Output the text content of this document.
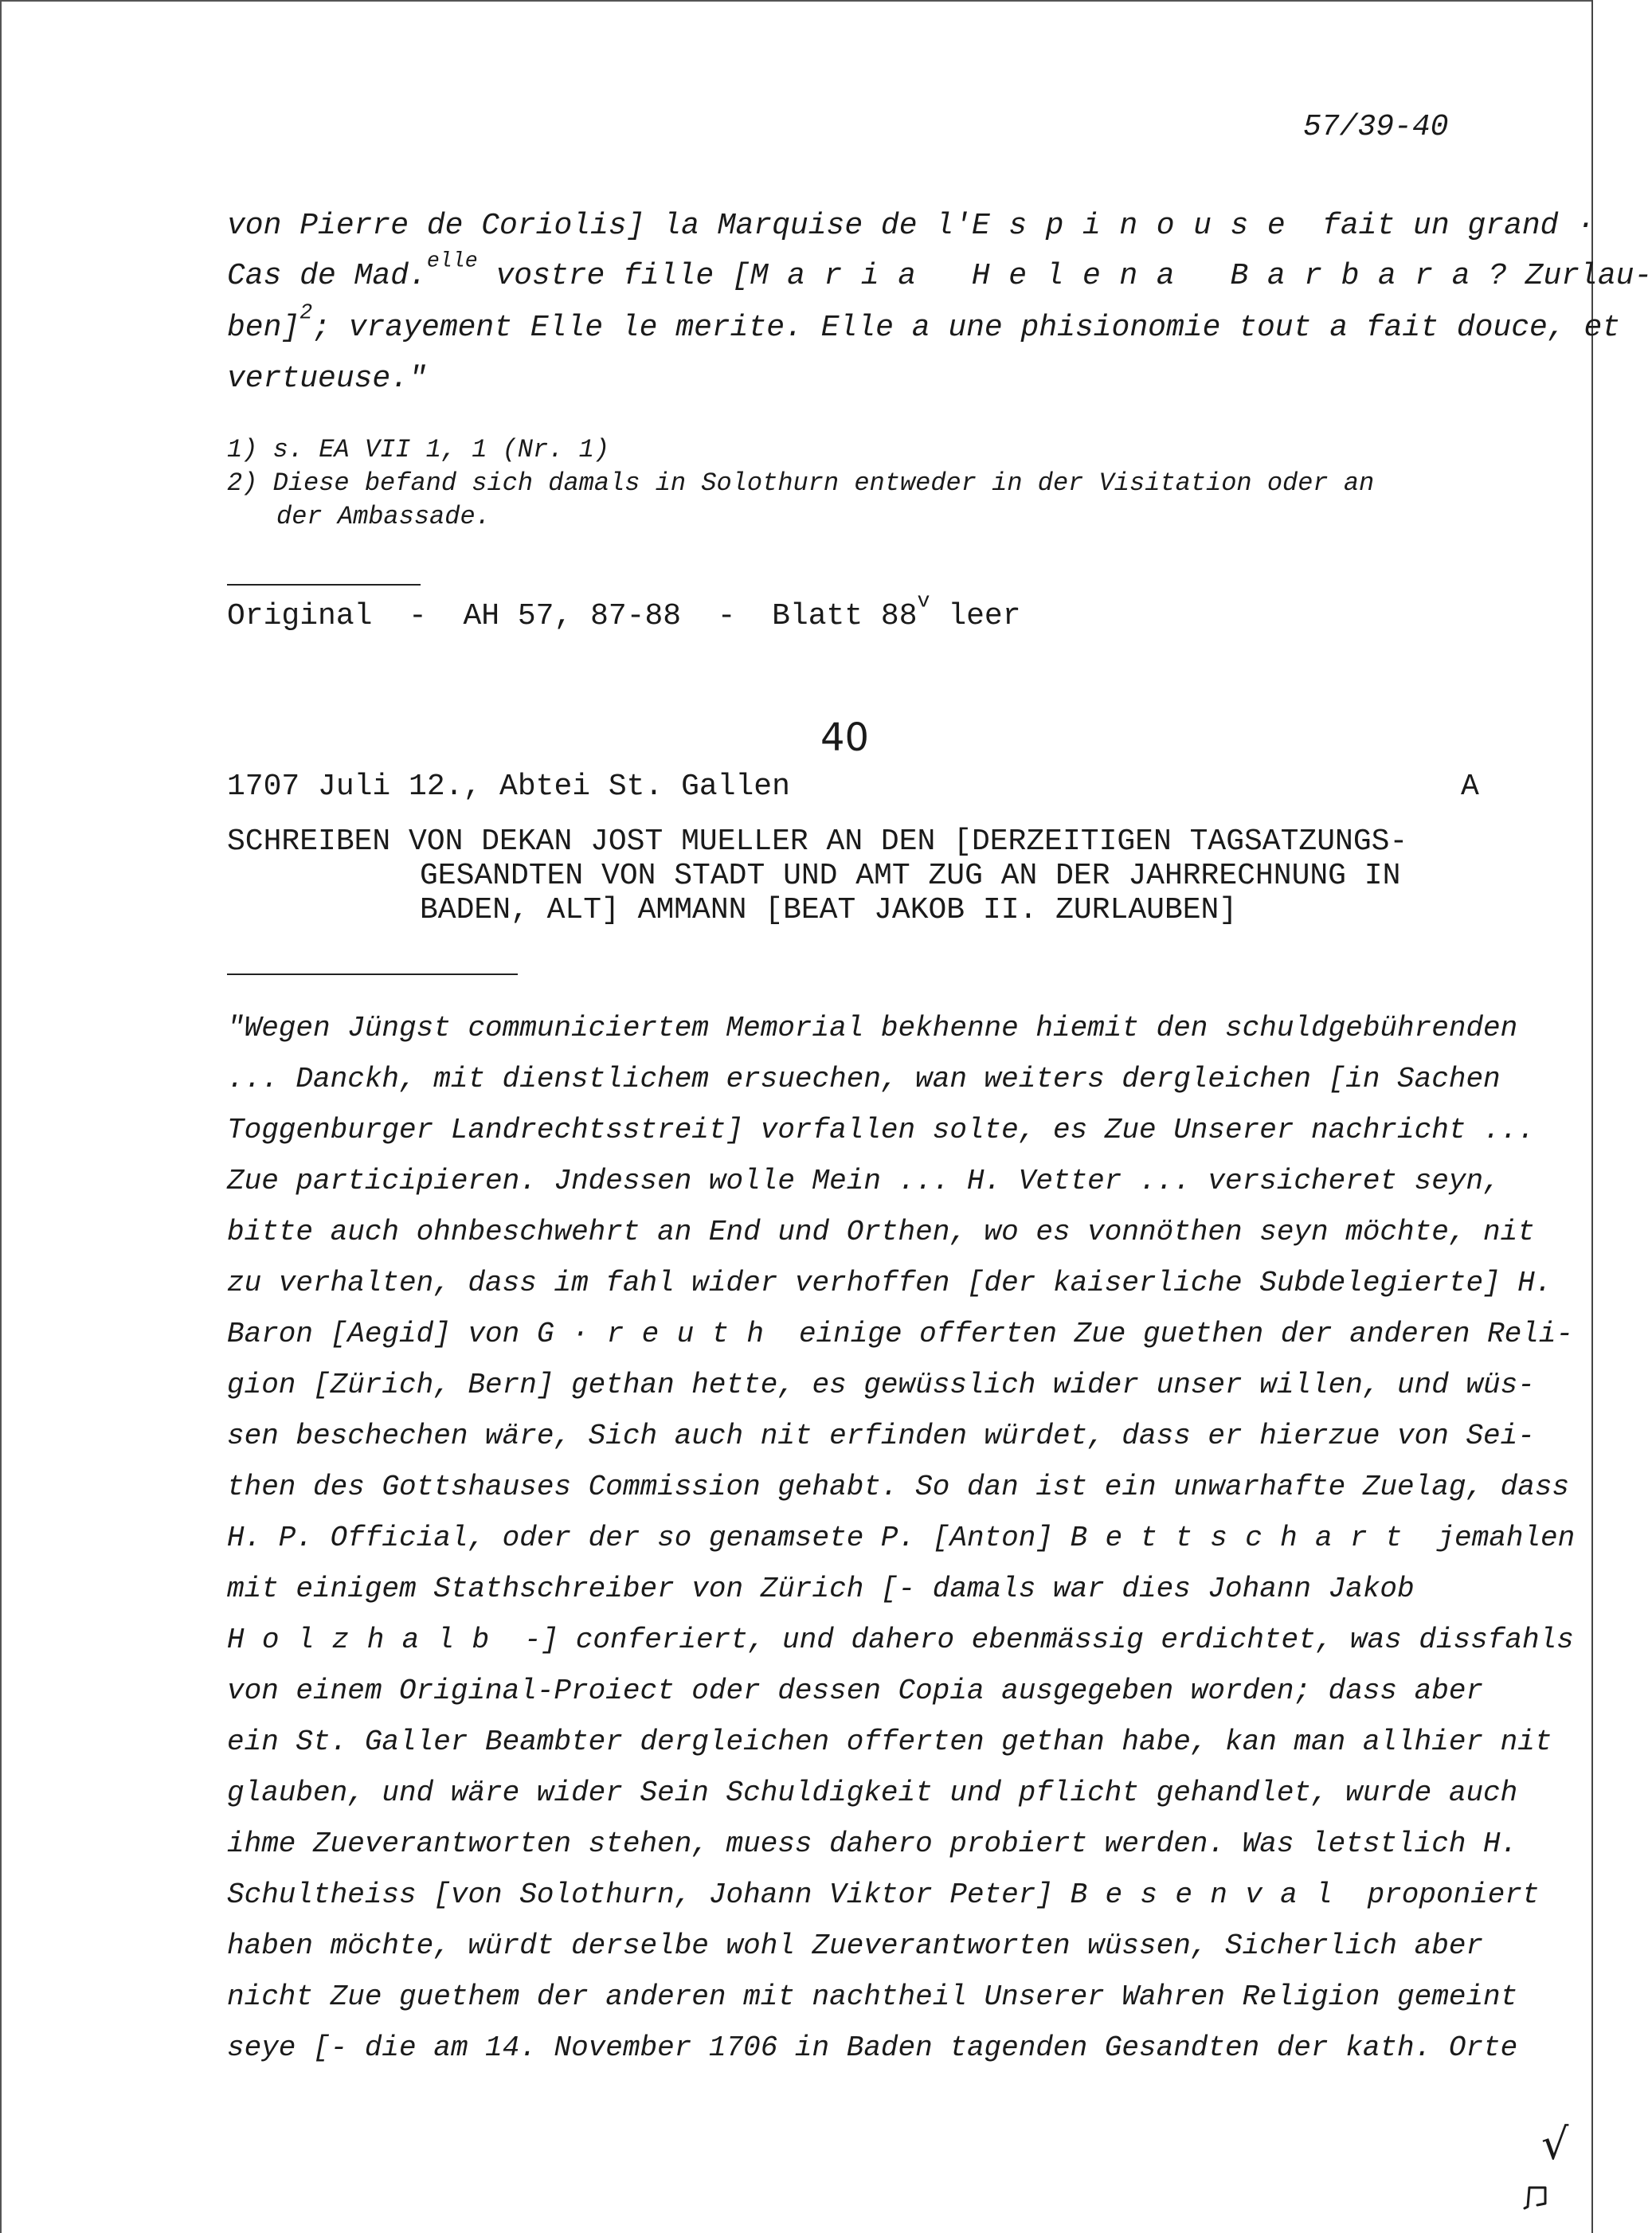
57/39-40
von Pierre de Coriolis] la Marquise de l'Espinouse fait un grand ·
Cas de Mad.$^{elle}$ vostre fille [Maria Helena Barbara? Zurlau-
ben]$^2$; vrayement Elle le merite. Elle a une phisionomie tout a fait douce, et
vertueuse."
1) s. EA VII 1, 1 (Nr. 1)
2) Diese befand sich damals in Solothurn entweder in der Visitation oder an
der Ambassade.
Original  -  AH 57, 87-88  -  Blatt 88$^v$ leer
40
1707 Juli 12., Abtei St. Gallen	A
SCHREIBEN VON DEKAN JOST MUELLER AN DEN [DERZEITIGEN TAGSATZUNGS-
GESANDTEN VON STADT UND AMT ZUG AN DER JAHRRECHNUNG IN
BADEN, ALT] AMMANN [BEAT JAKOB II. ZURLAUBEN]
"Wegen Jüngst communiciertem Memorial bekhenne hiemit den schuldgebührenden
... Danckh, mit dienstlichem ersuechen, wan weiters dergleichen [in Sachen
Toggenburger Landrechtsstreit] vorfallen solte, es Zue Unserer nachricht ...
Zue participieren. Jndessen wolle Mein ... H. Vetter ... versicheret seyn,
bitte auch ohnbeschwehrt an End und Orthen, wo es vonnöthen seyn möchte, nit
zu verhalten, dass im fahl wider verhoffen [der kaiserliche Subdelegierte] H.
Baron [Aegid] von G·reuth einige offerten Zue guethen der anderen Reli-
gion [Zürich, Bern] gethan hette, es gewüsslich wider unser willen, und wüs-
sen beschechen wäre, Sich auch nit erfinden würdet, dass er hierzue von Sei-
then des Gottshauses Commission gehabt. So dan ist ein unwarhafte Zuelag, dass
H. P. Official, oder der so genamsete P. [Anton] Bettschart jemahlen
mit einigem Stathschreiber von Zürich [- damals war dies Johann Jakob
Holzhalb -] conferiert, und dahero ebenmässig erdichtet, was dissfahls
von einem Original-Proiect oder dessen Copia ausgegeben worden; dass aber
ein St. Galler Beambter dergleichen offerten gethan habe, kan man allhier nit
glauben, und wäre wider Sein Schuldigkeit und pflicht gehandlet, wurde auch
ihme Zueverantworten stehen, muess dahero probiert werden. Was letstlich H.
Schultheiss [von Solothurn, Johann Viktor Peter] Besenval proponiert
haben möchte, würdt derselbe wohl Zueverantworten wüssen, Sicherlich aber
nicht Zue guethem der anderen mit nachtheil Unserer Wahren Religion gemeint
seye [- die am 14. November 1706 in Baden tagenden Gesandten der kath. Orte
√
